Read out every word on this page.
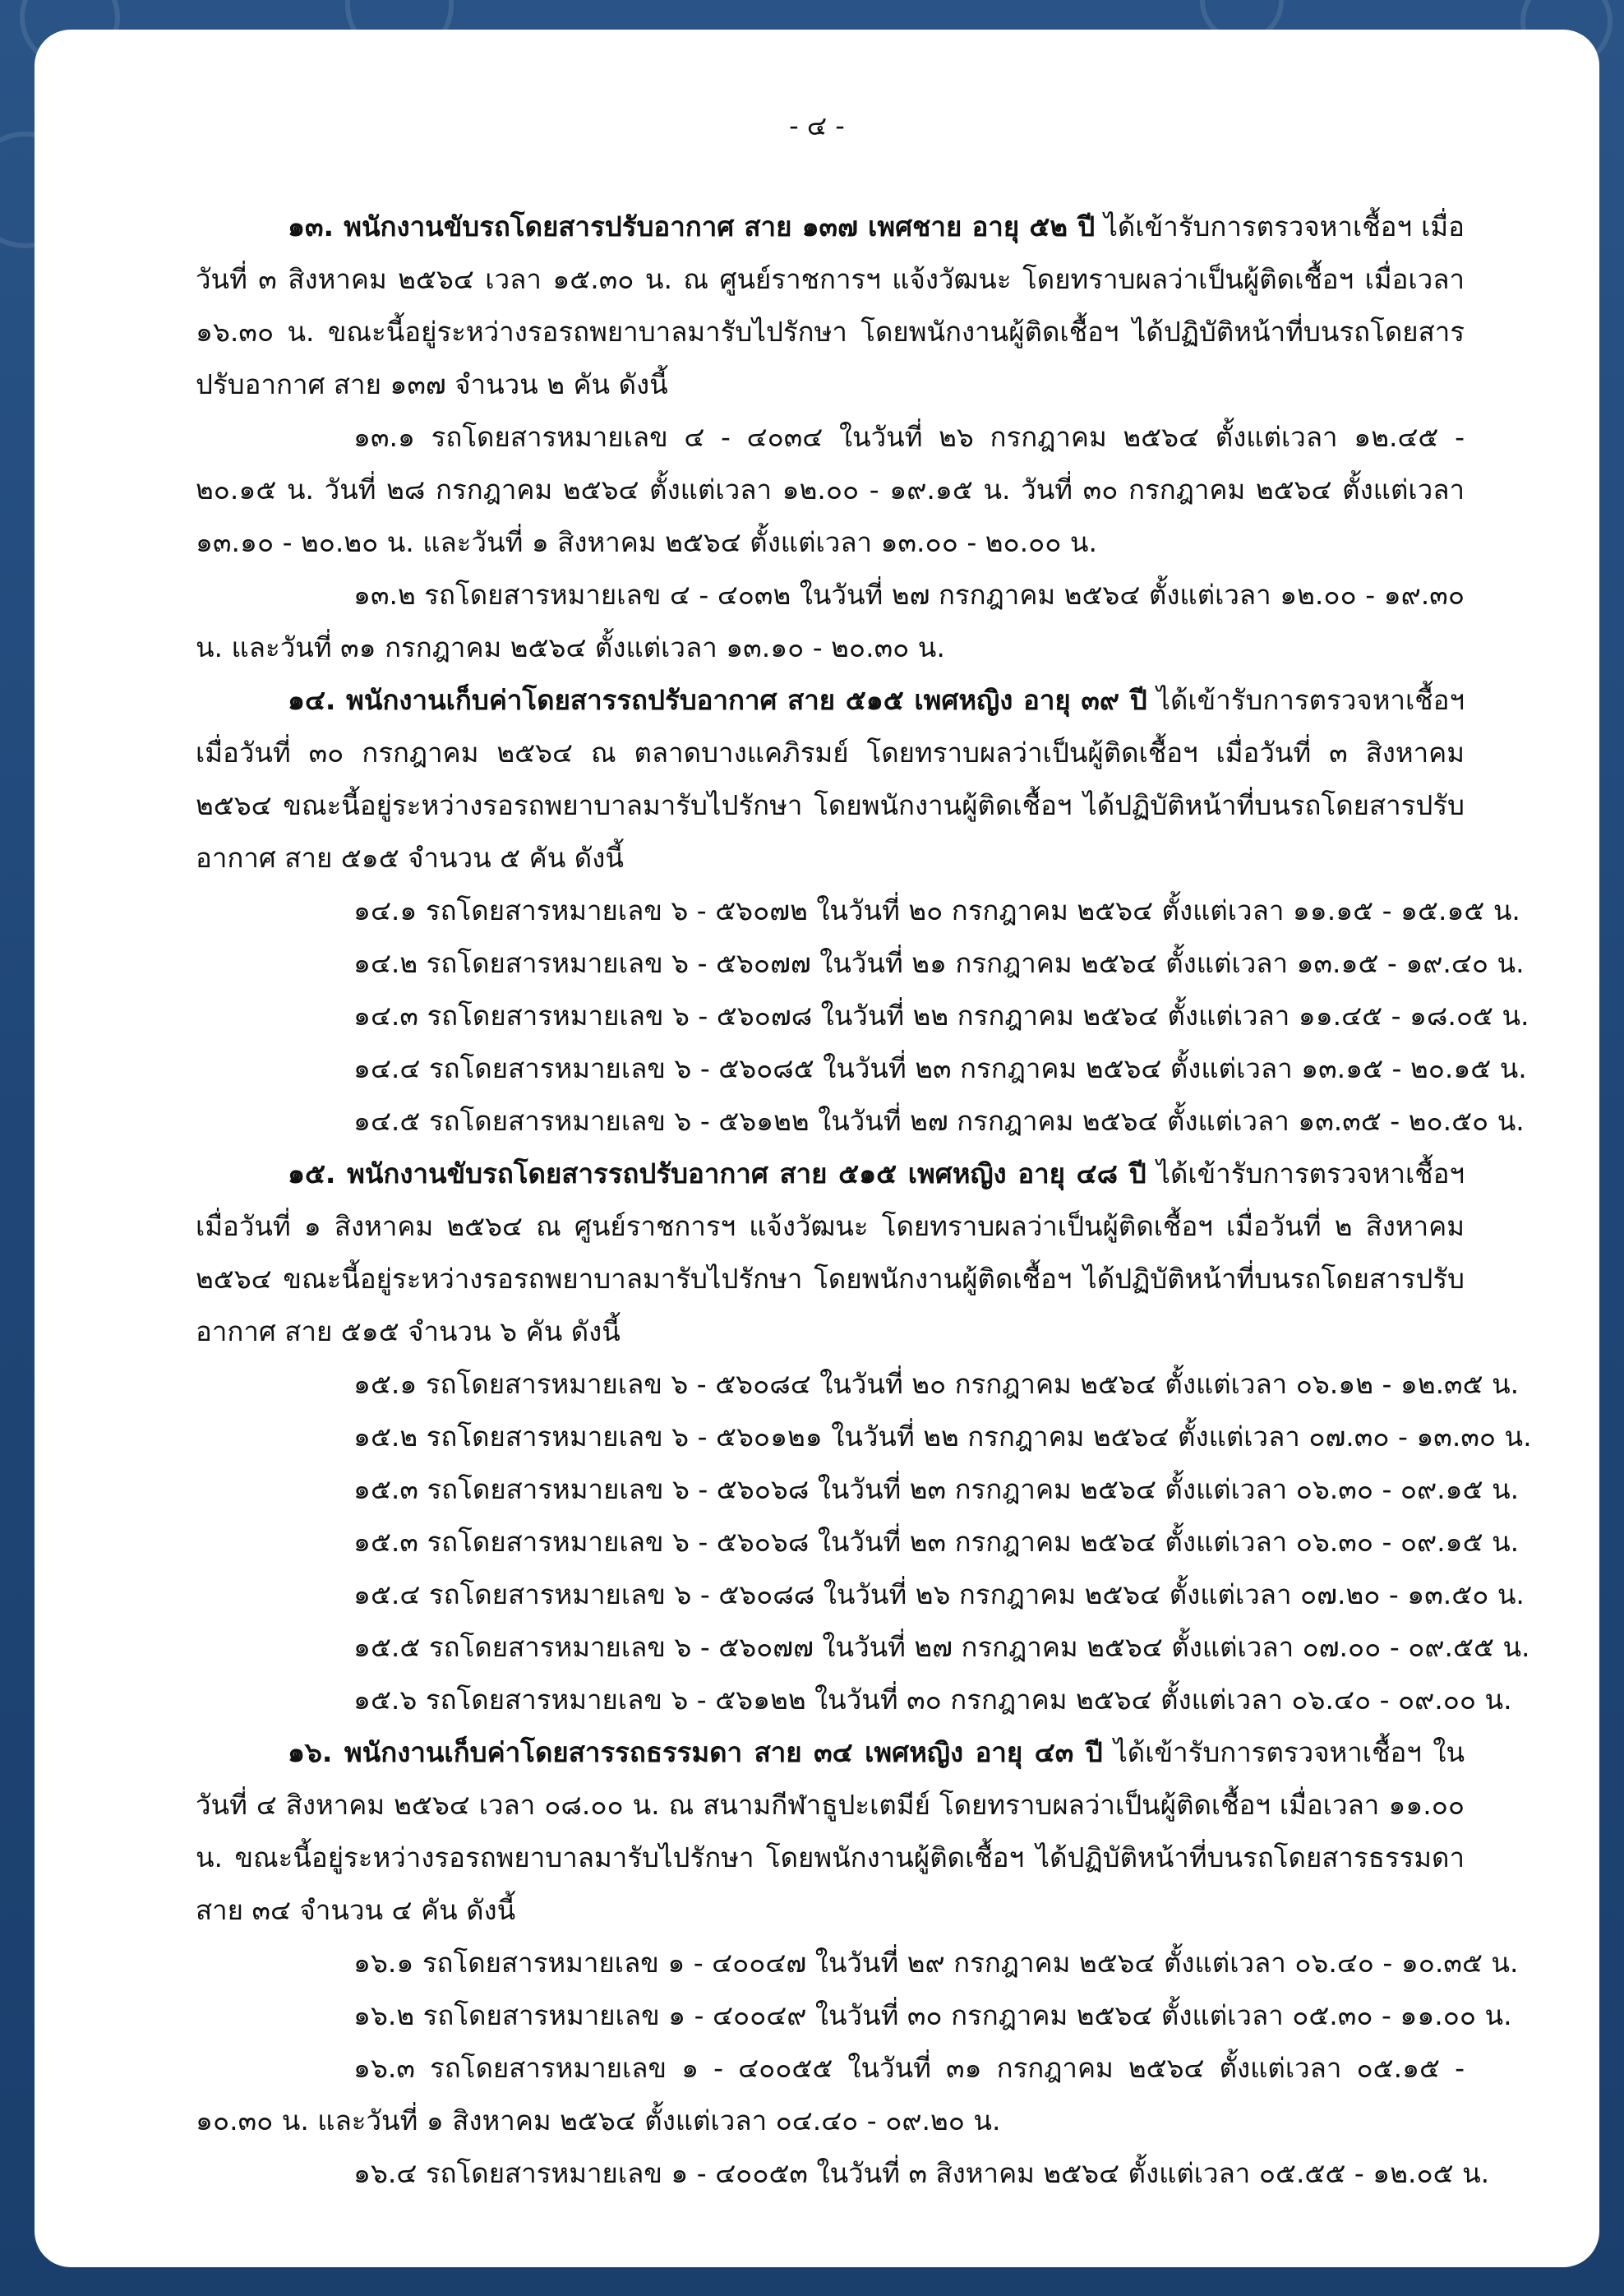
- ๔ -

๑๓. พนักงานขับรถโดยสารปรับอากาศ สาย ๑๓๗ เพศชาย อายุ ๕๒ ปี ได้เข้ารับการตรวจหาเชื้อฯ เมื่อวันที่ ๓ สิงหาคม ๒๕๖๔ เวลา ๑๕.๓๐ น. ณ ศูนย์ราชการฯ แจ้งวัฒนะ โดยทราบผลว่าเป็นผู้ติดเชื้อฯ เมื่อเวลา ๑๖.๓๐ น. ขณะนี้อยู่ระหว่างรอรถพยาบาลมารับไปรักษา โดยพนักงานผู้ติดเชื้อฯ ได้ปฏิบัติหน้าที่บนรถโดยสารปรับอากาศ สาย ๑๓๗ จำนวน ๒ คัน ดังนี้

๑๓.๑ รถโดยสารหมายเลข ๔ - ๔๐๓๔ ในวันที่ ๒๖ กรกฎาคม ๒๕๖๔ ตั้งแต่เวลา ๑๒.๔๕ - ๒๐.๑๕ น. วันที่ ๒๘ กรกฎาคม ๒๕๖๔ ตั้งแต่เวลา ๑๒.๐๐ - ๑๙.๑๕ น. วันที่ ๓๐ กรกฎาคม ๒๕๖๔ ตั้งแต่เวลา ๑๓.๑๐ - ๒๐.๒๐ น. และวันที่ ๑ สิงหาคม ๒๕๖๔ ตั้งแต่เวลา ๑๓.๐๐ - ๒๐.๐๐ น.

๑๓.๒ รถโดยสารหมายเลข ๔ - ๔๐๓๒ ในวันที่ ๒๗ กรกฎาคม ๒๕๖๔ ตั้งแต่เวลา ๑๒.๐๐ - ๑๙.๓๐ น. และวันที่ ๓๑ กรกฎาคม ๒๕๖๔ ตั้งแต่เวลา ๑๓.๑๐ - ๒๐.๓๐ น.

๑๔. พนักงานเก็บค่าโดยสารรถปรับอากาศ สาย ๕๑๕ เพศหญิง อายุ ๓๙ ปี ได้เข้ารับการตรวจหาเชื้อฯ เมื่อวันที่ ๓๐ กรกฎาคม ๒๕๖๔ ณ ตลาดบางแคภิรมย์ โดยทราบผลว่าเป็นผู้ติดเชื้อฯ เมื่อวันที่ ๓ สิงหาคม ๒๕๖๔ ขณะนี้อยู่ระหว่างรอรถพยาบาลมารับไปรักษา โดยพนักงานผู้ติดเชื้อฯ ได้ปฏิบัติหน้าที่บนรถโดยสารปรับอากาศ สาย ๕๑๕ จำนวน ๕ คัน ดังนี้

๑๔.๑ รถโดยสารหมายเลข ๖ - ๕๖๐๗๒ ในวันที่ ๒๐ กรกฎาคม ๒๕๖๔ ตั้งแต่เวลา ๑๑.๑๕ - ๑๕.๑๕ น.

๑๔.๒ รถโดยสารหมายเลข ๖ - ๕๖๐๗๗ ในวันที่ ๒๑ กรกฎาคม ๒๕๖๔ ตั้งแต่เวลา ๑๓.๑๕ - ๑๙.๔๐ น.

๑๔.๓ รถโดยสารหมายเลข ๖ - ๕๖๐๗๘ ในวันที่ ๒๒ กรกฎาคม ๒๕๖๔ ตั้งแต่เวลา ๑๑.๔๕ - ๑๘.๐๕ น.

๑๔.๔ รถโดยสารหมายเลข ๖ - ๕๖๐๘๕ ในวันที่ ๒๓ กรกฎาคม ๒๕๖๔ ตั้งแต่เวลา ๑๓.๑๕ - ๒๐.๑๕ น.

๑๔.๕ รถโดยสารหมายเลข ๖ - ๕๖๑๒๒ ในวันที่ ๒๗ กรกฎาคม ๒๕๖๔ ตั้งแต่เวลา ๑๓.๓๕ - ๒๐.๕๐ น.

๑๕. พนักงานขับรถโดยสารรถปรับอากาศ สาย ๕๑๕ เพศหญิง อายุ ๔๘ ปี ได้เข้ารับการตรวจหาเชื้อฯ เมื่อวันที่ ๑ สิงหาคม ๒๕๖๔ ณ ศูนย์ราชการฯ แจ้งวัฒนะ โดยทราบผลว่าเป็นผู้ติดเชื้อฯ เมื่อวันที่ ๒ สิงหาคม ๒๕๖๔ ขณะนี้อยู่ระหว่างรอรถพยาบาลมารับไปรักษา โดยพนักงานผู้ติดเชื้อฯ ได้ปฏิบัติหน้าที่บนรถโดยสารปรับอากาศ สาย ๕๑๕ จำนวน ๖ คัน ดังนี้

๑๕.๑ รถโดยสารหมายเลข ๖ - ๕๖๐๘๔ ในวันที่ ๒๐ กรกฎาคม ๒๕๖๔ ตั้งแต่เวลา ๐๖.๑๒ - ๑๒.๓๕ น.

๑๕.๒ รถโดยสารหมายเลข ๖ - ๕๖๐๑๒๑ ในวันที่ ๒๒ กรกฎาคม ๒๕๖๔ ตั้งแต่เวลา ๐๗.๓๐ - ๑๓.๓๐ น.

๑๕.๓ รถโดยสารหมายเลข ๖ - ๕๖๐๖๘ ในวันที่ ๒๓ กรกฎาคม ๒๕๖๔ ตั้งแต่เวลา ๐๖.๓๐ - ๐๙.๑๕ น.

๑๕.๓ รถโดยสารหมายเลข ๖ - ๕๖๐๖๘ ในวันที่ ๒๓ กรกฎาคม ๒๕๖๔ ตั้งแต่เวลา ๐๖.๓๐ - ๐๙.๑๕ น.

๑๕.๔ รถโดยสารหมายเลข ๖ - ๕๖๐๘๘ ในวันที่ ๒๖ กรกฎาคม ๒๕๖๔ ตั้งแต่เวลา ๐๗.๒๐ - ๑๓.๕๐ น.

๑๕.๕ รถโดยสารหมายเลข ๖ - ๕๖๐๗๗ ในวันที่ ๒๗ กรกฎาคม ๒๕๖๔ ตั้งแต่เวลา ๐๗.๐๐ - ๐๙.๕๕ น.

๑๕.๖ รถโดยสารหมายเลข ๖ - ๕๖๑๒๒ ในวันที่ ๓๐ กรกฎาคม ๒๕๖๔ ตั้งแต่เวลา ๐๖.๔๐ - ๐๙.๐๐ น.

๑๖. พนักงานเก็บค่าโดยสารรถธรรมดา สาย ๓๔ เพศหญิง อายุ ๔๓ ปี ได้เข้ารับการตรวจหาเชื้อฯ ในวันที่ ๔ สิงหาคม ๒๕๖๔ เวลา ๐๘.๐๐ น. ณ สนามกีฬาธูปะเตมีย์ โดยทราบผลว่าเป็นผู้ติดเชื้อฯ เมื่อเวลา ๑๑.๐๐ น. ขณะนี้อยู่ระหว่างรอรถพยาบาลมารับไปรักษา โดยพนักงานผู้ติดเชื้อฯ ได้ปฏิบัติหน้าที่บนรถโดยสารธรรมดา สาย ๓๔ จำนวน ๔ คัน ดังนี้

๑๖.๑ รถโดยสารหมายเลข ๑ - ๔๐๐๔๗ ในวันที่ ๒๙ กรกฎาคม ๒๕๖๔ ตั้งแต่เวลา ๐๖.๔๐ - ๑๐.๓๕ น.

๑๖.๒ รถโดยสารหมายเลข ๑ - ๔๐๐๔๙ ในวันที่ ๓๐ กรกฎาคม ๒๕๖๔ ตั้งแต่เวลา ๐๕.๓๐ - ๑๑.๐๐ น.

๑๖.๓ รถโดยสารหมายเลข ๑ - ๔๐๐๕๕ ในวันที่ ๓๑ กรกฎาคม ๒๕๖๔ ตั้งแต่เวลา ๐๕.๑๕ - ๑๐.๓๐ น. และวันที่ ๑ สิงหาคม ๒๕๖๔ ตั้งแต่เวลา ๐๔.๔๐ - ๐๙.๒๐ น.

๑๖.๔ รถโดยสารหมายเลข ๑ - ๔๐๐๕๓ ในวันที่ ๓ สิงหาคม ๒๕๖๔ ตั้งแต่เวลา ๐๕.๕๕ - ๑๒.๐๕ น.
